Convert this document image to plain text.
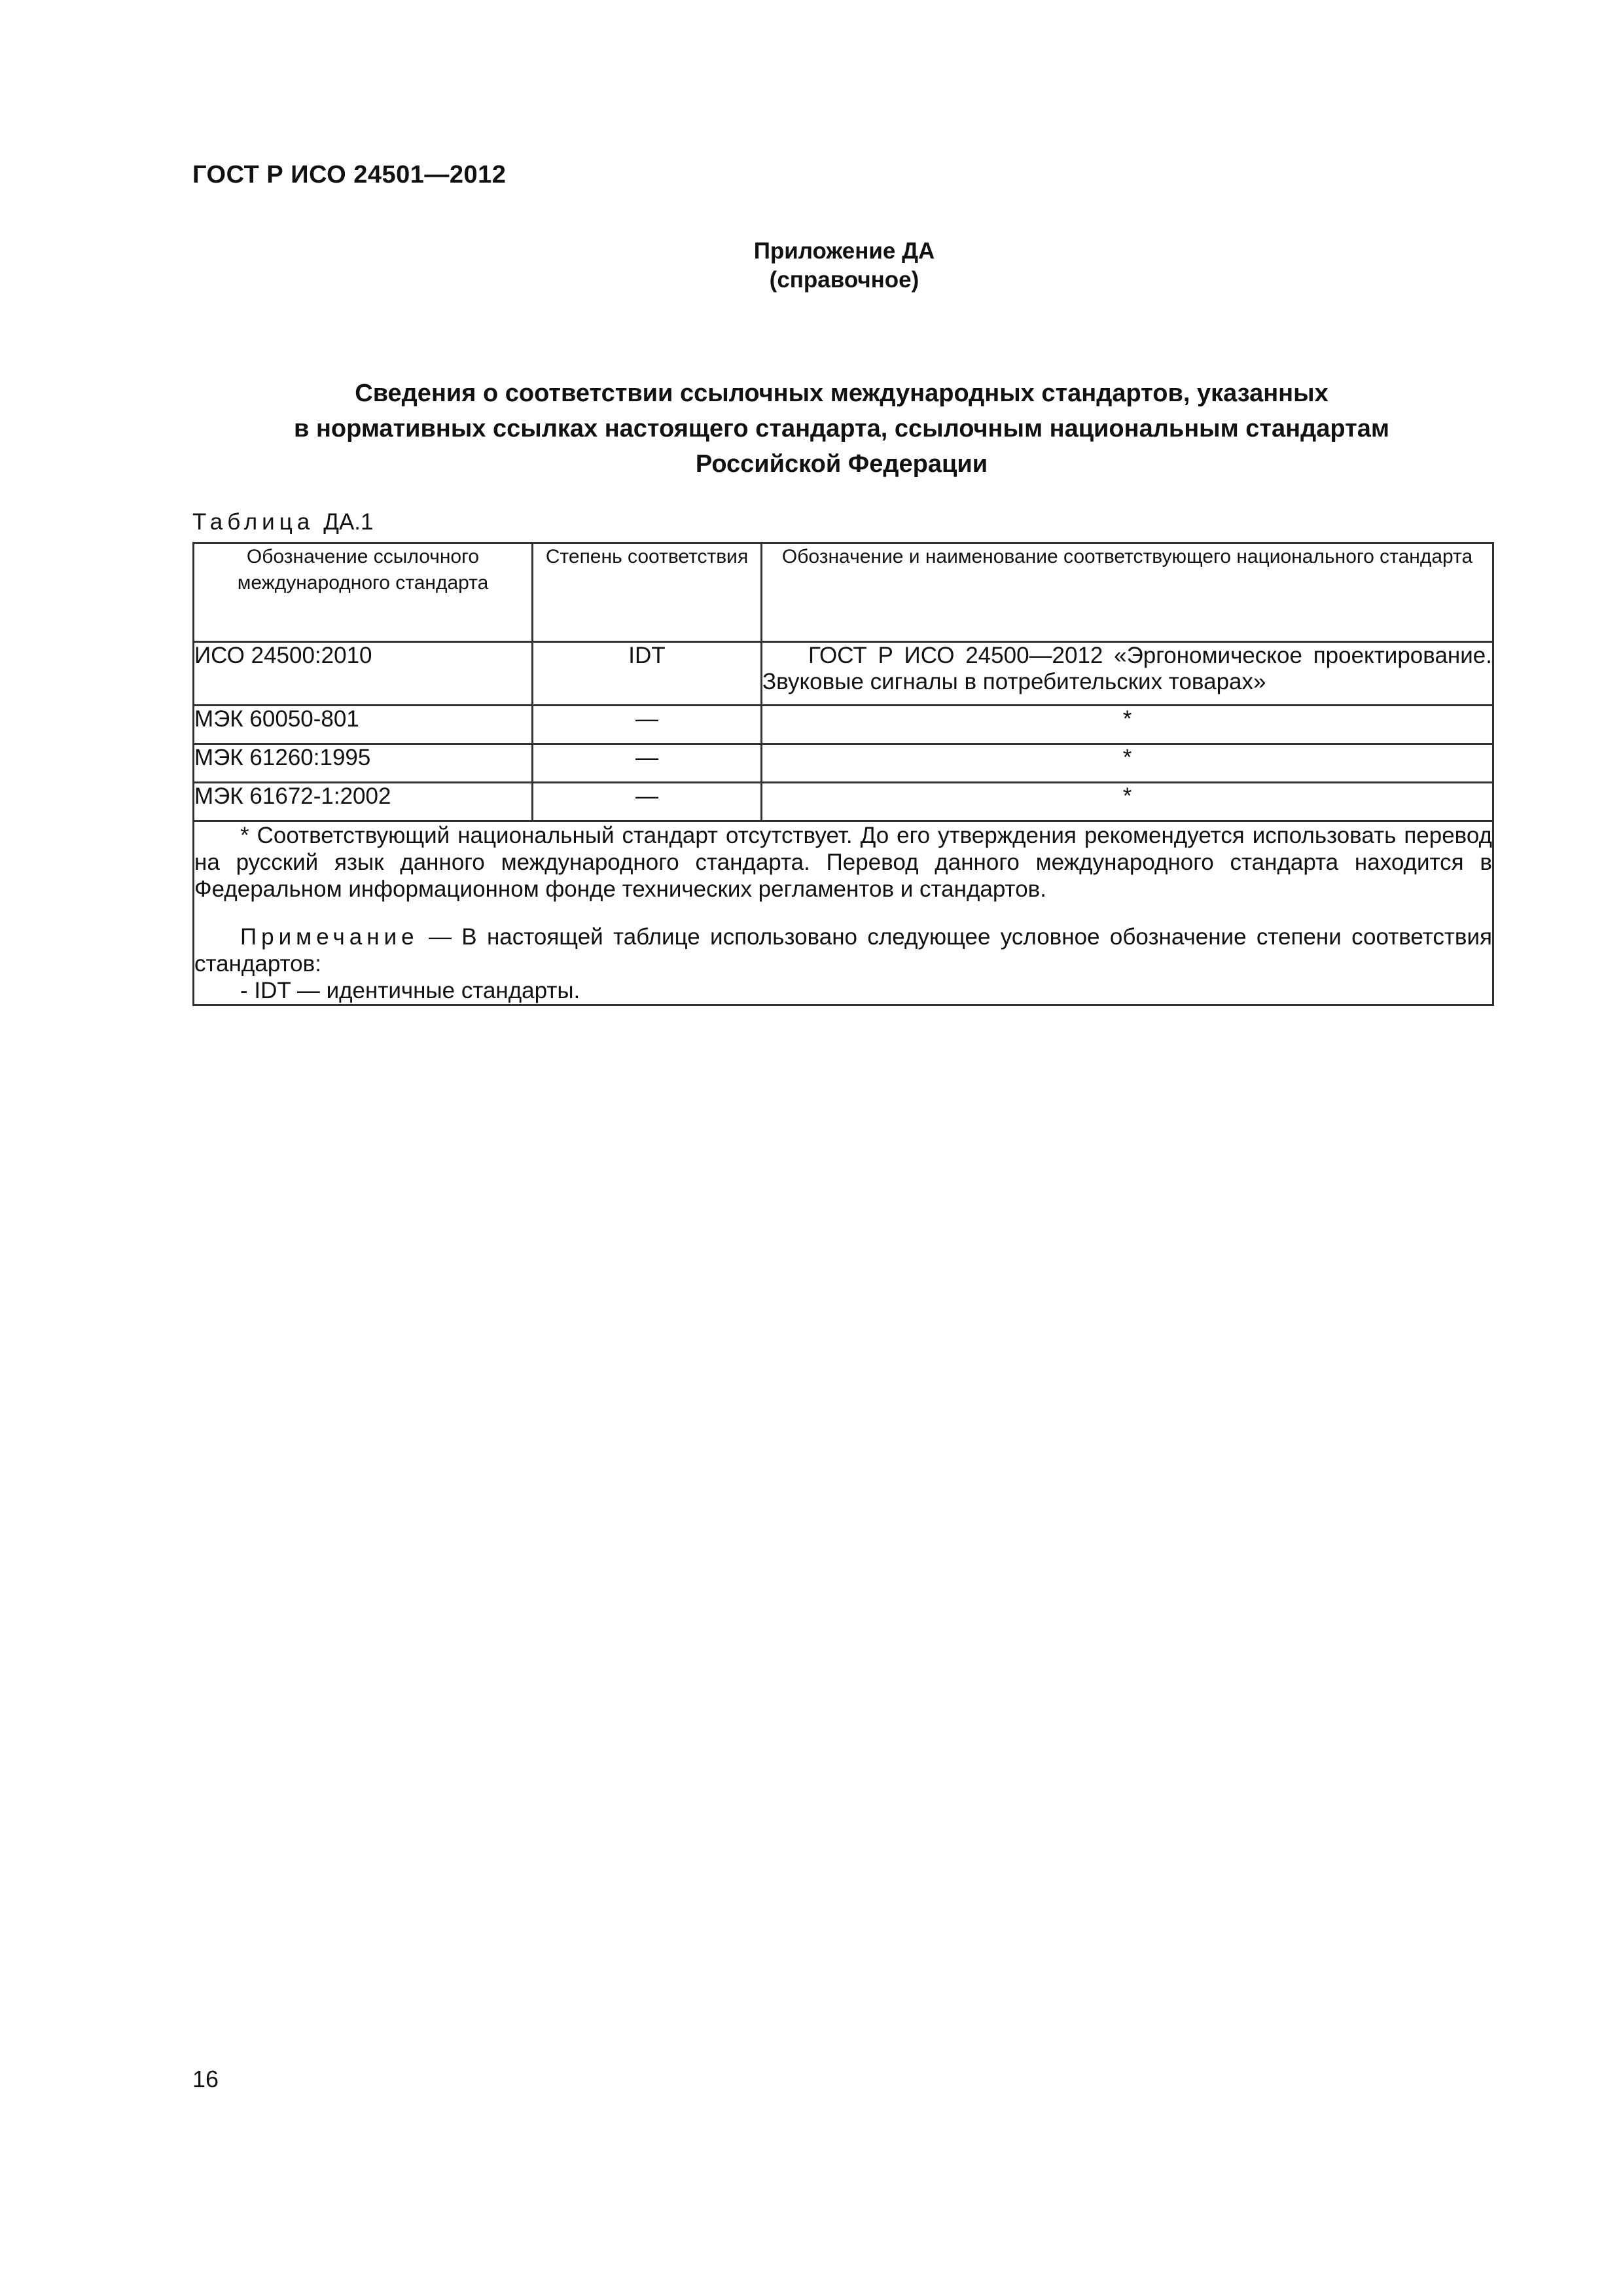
ГОСТ Р ИСО 24501—2012
Приложение ДА
(справочное)
Сведения о соответствии ссылочных международных стандартов, указанных
в нормативных ссылках настоящего стандарта, ссылочным национальным стандартам
Российской Федерации
Таблица ДА.1
Обозначение ссылочного международного стандарта	Степень соответствия	Обозначение и наименование соответствующего национального стандарта
ИСО 24500:2010	IDT	ГОСТ Р ИСО 24500—2012 «Эргономическое проектирование. Звуковые сигналы в потребительских товарах»
МЭК 60050-801	—	*
МЭК 61260:1995	—	*
МЭК 61672-1:2002	—	*

* Соответствующий национальный стандарт отсутствует. До его утверждения рекомендуется использовать перевод на русский язык данного международного стандарта. Перевод данного международного стандарта находится в Федеральном информационном фонде технических регламентов и стандартов.

Примечание — В настоящей таблице использовано следующее условное обозначение степени соответствия стандартов:

- IDT — идентичные стандарты.		

16
